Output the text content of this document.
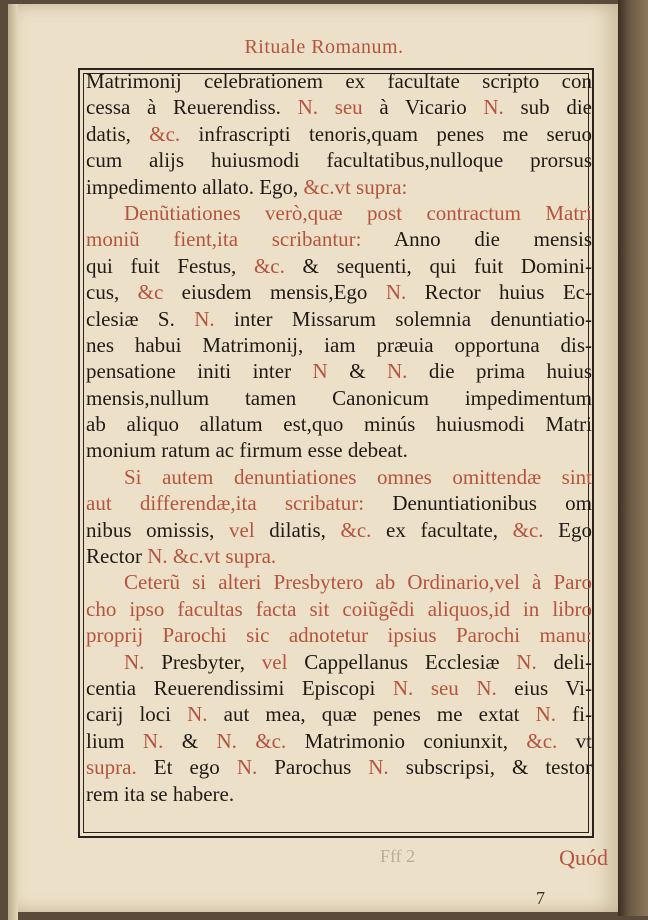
Rituale Romanum.
Matrimonij celebrationem ex facultate scripto con
cessa à Reuerendiss. N. seu à Vicario N. sub die
datis, &c. infrascripti tenoris,quam penes me seruo
cum alijs huiusmodi facultatibus,nulloque prorsus
impedimento allato. Ego, &c.vt supra:
Denũtiationes verò,quæ post contractum Matri
moniũ fient,ita scribantur: Anno die mensis
qui fuit Festus, &c. & sequenti, qui fuit Domini-
cus, &c eiusdem mensis,Ego N. Rector huius Ec-
clesiæ S. N. inter Missarum solemnia denuntiatio-
nes habui Matrimonij, iam præuia opportuna dis-
pensatione initi inter N & N. die prima huius
mensis,nullum tamen Canonicum impedimentum
ab aliquo allatum est,quo minús huiusmodi Matri
monium ratum ac firmum esse debeat.
Si autem denuntiationes omnes omittendæ sint
aut differendæ,ita scribatur: Denuntiationibus om
nibus omissis, vel dilatis, &c. ex facultate, &c. Ego
Rector N. &c.vt supra.
Ceterũ si alteri Presbytero ab Ordinario,vel à Paro
cho ipso facultas facta sit coiũgẽdi aliquos,id in libro
proprij Parochi sic adnotetur ipsius Parochi manu:
N. Presbyter, vel Cappellanus Ecclesiæ N. deli-
centia Reuerendissimi Episcopi N. seu N. eius Vi-
carij loci N. aut mea, quæ penes me extat N. fi-
lium N. & N. &c. Matrimonio coniunxit, &c. vt
supra. Et ego N. Parochus N. subscripsi, & testor
rem ita se habere.
Fff 2	Quód
7
